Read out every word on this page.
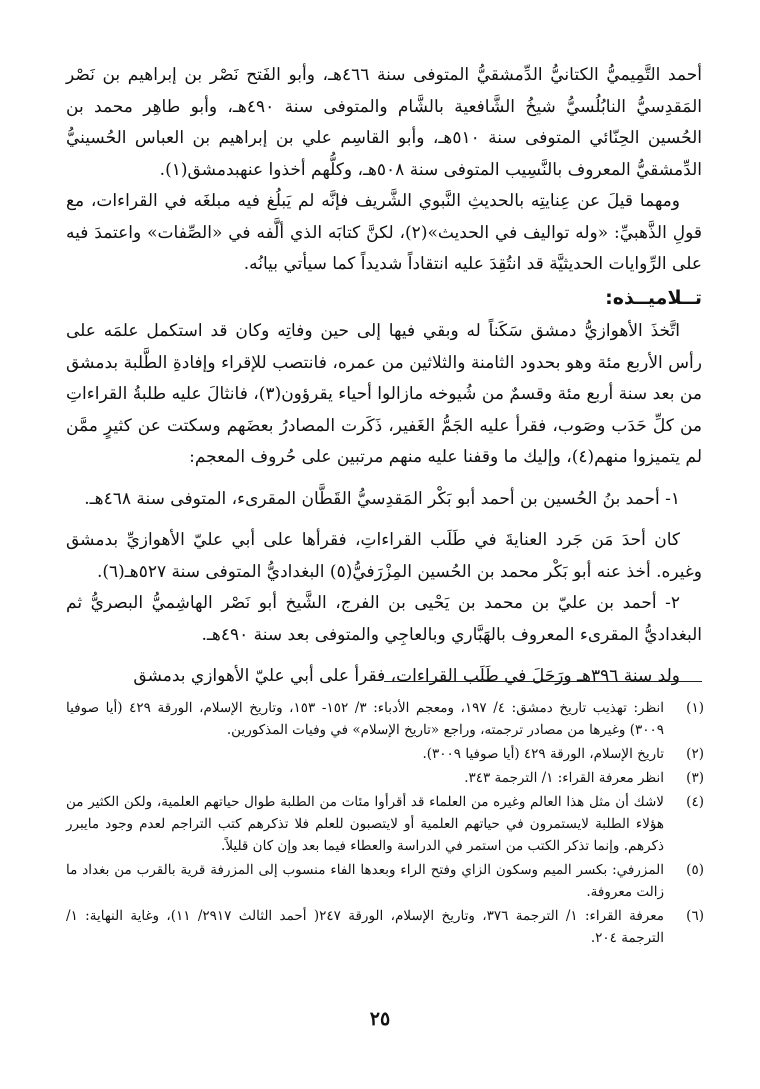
أحمد التَّمِيميُّ الكتانيُّ الدِّمشقيُّ المتوفى سنة ٤٦٦هـ، وأبو الفَتح نَصْر بن إبراهيم بن نَصْر المَقدِسيُّ النابُلُسيُّ شيخُ الشَّافعية بالشَّام والمتوفى سنة ٤٩٠هـ، وأبو طاهِر محمد بن الحُسين الحِنّائي المتوفى سنة ٥١٠هـ، وأبو القاسِم علي بن إبراهيم بن العباس الحُسينيُّ الدِّمشقيُّ المعروف بالنَّسِيب المتوفى سنة ٥٠٨هـ، وكلُّهم أخذوا عنهبدمشق(١).

ومهما قيلَ عن عِنايتِه بالحديثِ النَّبوي الشَّريف فإنَّه لم يَبلُغ فيه مبلغَه في القراءات، مع قولِ الذَّهبيِّ: «وله تواليف في الحديث»(٢)، لكنَّ كتابَه الذي ألَّفه في «الصِّفات» واعتمدَ فيه على الرِّوايات الحديثيَّة قد انتُقِدَ عليه انتقاداً شديداً كما سيأتي بيانُه.

تــلاميــذه:

اتَّخذَ الأهوازيُّ دمشق سَكَناً له وبقي فيها إلى حين وفاتِه وكان قد استكمل علمَه على رأس الأربع مئة وهو بحدود الثامنة والثلاثين من عمره، فانتصب للإقراء وإفادةِ الطَّلبة بدمشق من بعد سنة أربع مئة وقسمٌ من شُيوخه مازالوا أحياء يقرؤون(٣)، فانثالَ عليه طلبةُ القراءاتِ من كلِّ حَدَب وصَوب، فقرأ عليه الجَمُّ الغَفير، ذَكَرت المصادرُ بعضَهم وسكتت عن كثيرٍ ممَّن لم يتميزوا منهم(٤)، وإليك ما وقفنا عليه منهم مرتبين على حُروف المعجم:

١- أحمد بنُ الحُسين بن أحمد أبو بَكْر المَقدِسيُّ القَطَّان المقرىء، المتوفى سنة ٤٦٨هـ.

كان أحدَ مَن جَرد العنايةَ في طَلَب القراءاتِ، فقرأها على أبي عليّ الأهوازيِّ بدمشق وغيره. أخذ عنه أبو بَكْر محمد بن الحُسين المِزْرَفيُّ(٥) البغداديُّ المتوفى سنة ٥٢٧هـ(٦).

٢- أحمد بن عليّ بن محمد بن يَحْيى بن الفرج، الشَّيخ أبو نَصْر الهاشِميُّ البصريُّ ثم البغداديُّ المقرىء المعروف بالهَبَّاري وبالعاجِي والمتوفى بعد سنة ٤٩٠هـ.

ولد سنة ٣٩٦هـ ورَحَلَ في طَلَب القراءات، فقرأ على أبي عليّ الأهوازي بدمشق

(١)
انظر: تهذيب تاريخ دمشق: ٤/ ١٩٧، ومعجم الأدباء: ٣/ ١٥٢- ١٥٣، وتاريخ الإسلام، الورقة ٤٢٩ (أيا صوفيا ٣٠٠٩) وغيرها من مصادر ترجمته، وراجع «تاريخ الإسلام» في وفيات المذكورين.
(٢)
تاريخ الإسلام، الورقة ٤٢٩ (أيا صوفيا ٣٠٠٩).
(٣)
انظر معرفة القراء: ١/ الترجمة ٣٤٣.
(٤)
لاشك أن مثل هذا العالم وغيره من العلماء قد أقرأوا مئات من الطلبة طوال حياتهم العلمية، ولكن الكثير من هؤلاء الطلبة لايستمرون في حياتهم العلمية أو لايتصبون للعلم فلا تذكرهم كتب التراجم لعدم وجود مايبرر ذكرهم. وإنما تذكر الكتب من استمر في الدراسة والعطاء فيما بعد وإن كان قليلاً.
(٥)
المزرفي: بكسر الميم وسكون الزاي وفتح الراء وبعدها الفاء منسوب إلى المزرفة قرية بالقرب من بغداد ما زالت معروفة.
(٦)
معرفة القراء: ١/ الترجمة ٣٧٦، وتاريخ الإسلام، الورقة ٢٤٧( أحمد الثالث ٢٩١٧/ ١١)، وغاية النهاية: ١/ الترجمة ٢٠٤.
٢٥
